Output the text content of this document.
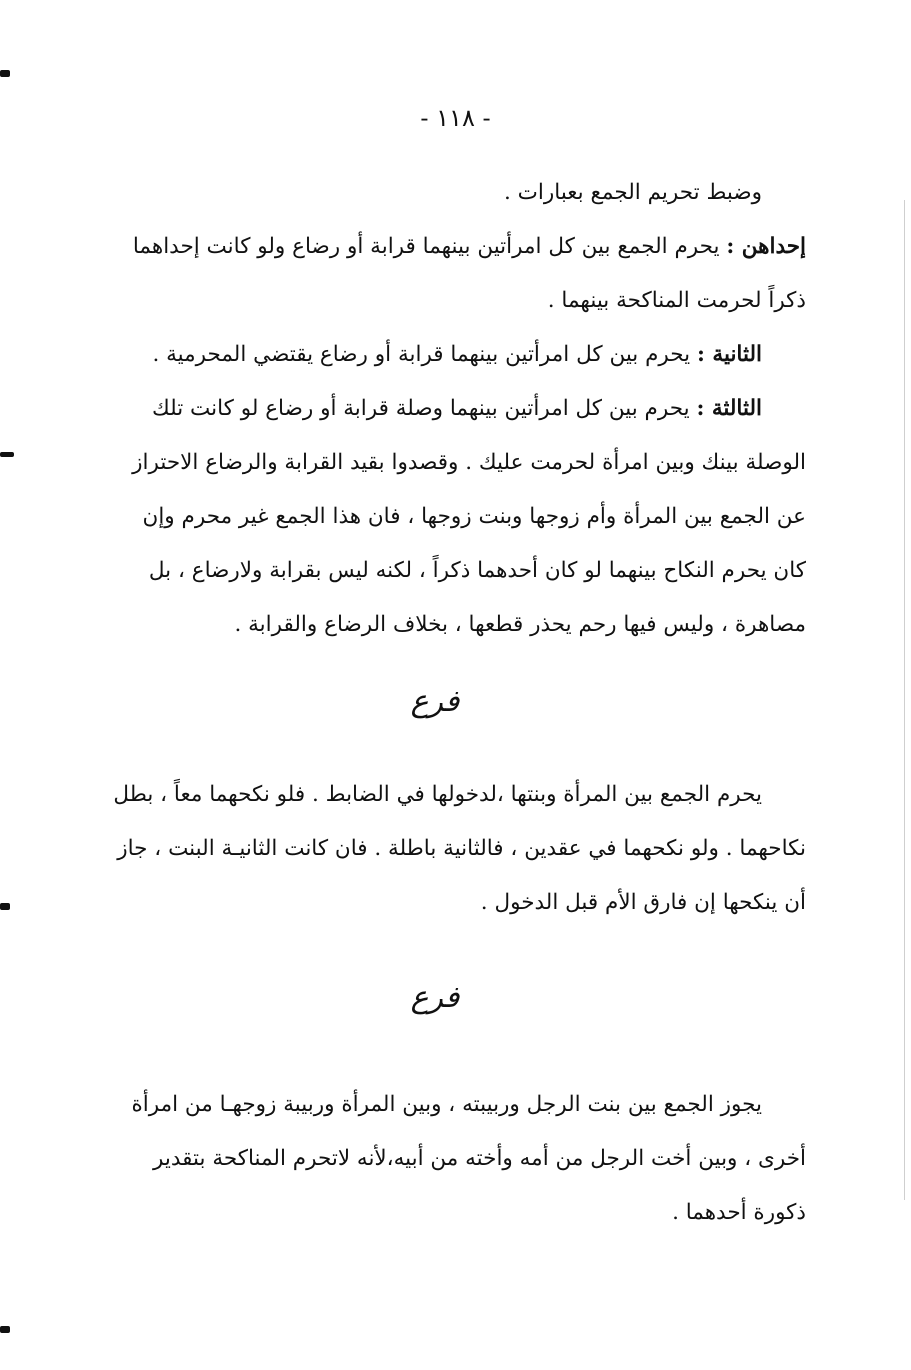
- ١١٨ -
وضبط تحريم الجمع بعبارات .
إحداهن : يحرم الجمع بين كل امرأتين بينهما قرابة أو رضاع ولو كانت إحداهما
ذكراً لحرمت المناكحة بينهما .
الثانية : يحرم بين كل امرأتين بينهما قرابة أو رضاع يقتضي المحرمية .
الثالثة : يحرم بين كل امرأتين بينهما وصلة قرابة أو رضاع لو كانت تلك
الوصلة بينك وبين امرأة لحرمت عليك . وقصدوا بقيد القرابة والرضاع الاحتراز
عن الجمع بين المرأة وأم زوجها وبنت زوجها ، فان هذا الجمع غير محرم وإن
كان يحرم النكاح بينهما لو كان أحدهما ذكراً ، لكنه ليس بقرابة ولارضاع ، بل
مصاهرة ، وليس فيها رحم يحذر قطعها ، بخلاف الرضاع والقرابة .
فرع
يحرم الجمع بين المرأة وبنتها ،لدخولها في الضابط . فلو نكحهما معاً ، بطل
نكاحهما . ولو نكحهما في عقدين ، فالثانية باطلة . فان كانت الثانيـة البنت ، جاز
أن ينكحها إن فارق الأم قبل الدخول .
فرع
يجوز الجمع بين بنت الرجل وربيبته ، وبين المرأة وربيبة زوجهـا من امرأة
أخرى ، وبين أخت الرجل من أمه وأخته من أبيه،لأنه لاتحرم المناكحة بتقدير
ذكورة أحدهما .
